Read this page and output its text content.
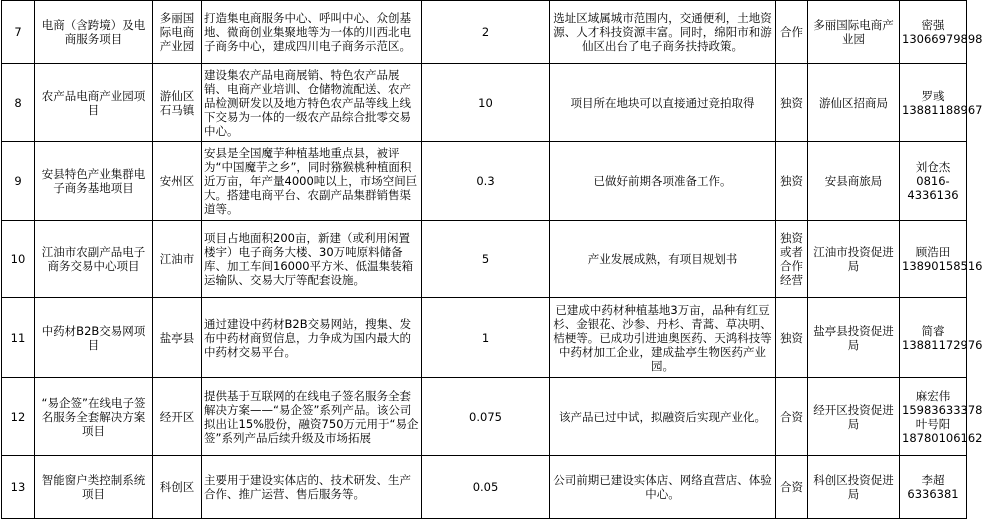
7	电商（含跨境）及电商服务项目	多丽国际电商产业园	打造集电商服务中心、呼叫中心、众创基地、微商创业集聚地等为一体的川西北电子商务中心，建成四川电子商务示范区。	2	选址区域属城市范围内，交通便利，土地资源、人才科技资源丰富。同时，绵阳市和游仙区出台了电子商务扶持政策。	合作	多丽国际电商产业园	密强13066979898
8	农产品电商产业园项目	游仙区石马镇	建设集农产品电商展销、特色农产品展销、电商产业培训、仓储物流配送、农产品检测研发以及地方特色农产品等线上线下交易为一体的一级农产品综合批零交易中心。	10	项目所在地块可以直接通过竞拍取得	独资	游仙区招商局	罗彧13881188967
9	安县特色产业集群电子商务基地项目	安州区	安县是全国魔芋种植基地重点县，被评为“中国魔芋之乡”，同时猕猴桃种植面积近万亩，年产量4000吨以上，市场空间巨大。搭建电商平台、农副产品集群销售渠道等。	0.3	已做好前期各项准备工作。	独资	安县商旅局	刘仓杰0816-4336136
10	江油市农副产品电子商务交易中心项目	江油市	项目占地面积200亩，新建（或利用闲置楼宇）电子商务大楼、30万吨原料储备库、加工车间16000平方米、低温集装箱运输队、交易大厅等配套设施。	5	产业发展成熟，有项目规划书	独资或者合作经营	江油市投资促进局	顾浩田13890158516
11	中药材B2B交易网项目	盐亭县	通过建设中药材B2B交易网站，搜集、发布中药材商贸信息，力争成为国内最大的中药材交易平台。	1	已建成中药材种植基地3万亩，品种有红豆杉、金银花、沙参、丹杉、青蒿、草决明、桔梗等。已成功引进迪奥医药、天鸿科技等中药材加工企业，建成盐亭生物医药产业园。	独资	盐亭县投资促进局	简睿13881172976
12	“易企签”在线电子签名服务全套解决方案项目	经开区	提供基于互联网的在线电子签名服务全套解决方案——“易企签”系列产品。该公司拟出让15%股份，融资750万元用于“易企签”系列产品后续升级及市场拓展	0.075	该产品已过中试，拟融资后实现产业化。	合资	经开区投资促进局	麻宏伟15983633378叶号阳18780106162
13	智能窗户类控制系统项目	科创区	主要用于建设实体店的、技术研发、生产合作、推广运营、售后服务等。	0.05	公司前期已建设实体店、网络直营店、体验中心。	合资	科创区投资促进局	李超6336381
